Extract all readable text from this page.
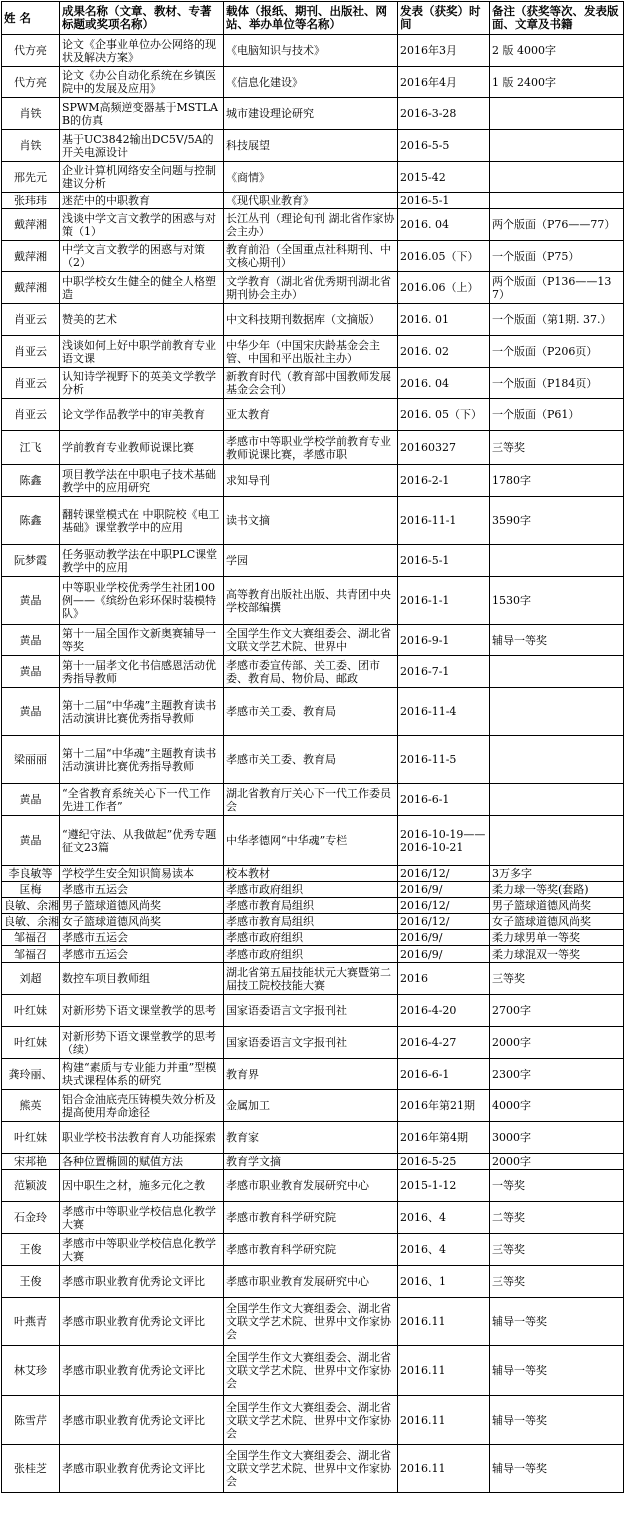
姓 名	成果名称（文章、教材、专著标题或奖项名称）	载体（报纸、期刊、出版社、网站、举办单位等名称）	发表（获奖）时间	备注（获奖等次、发表版面、文章及书籍
代方亮	论文《企事业单位办公网络的现状及解决方案》	《电脑知识与技术》	2016年3月	2 版 4000字
代方亮	论文《办公自动化系统在乡镇医院中的发展及应用》	《信息化建设》	2016年4月	1 版 2400字
肖铁	SPWM高频逆变器基于MSTLAB的仿真	城市建设理论研究	2016-3-28	
肖铁	基于UC3842输出DC5V/5A的开关电源设计	科技展望	2016-5-5	
邢先元	企业计算机网络安全问题与控制建议分析	《商情》	2015-42	
张玮玮	迷茫中的中职教育	《现代职业教育》	2016-5-1	
戴萍湘	浅谈中学文言文教学的困惑与对策（1）	长江丛刊（理论旬刊 湖北省作家协会主办）	2016. 04	两个版面（P76——77）
戴萍湘	中学文言文教学的困惑与对策（2）	教育前沿（全国重点社科期刊、中文核心期刊）	2016.05（下）	一个版面（P75）
戴萍湘	中职学校女生健全的健全人格塑造	文学教育（湖北省优秀期刊湖北省期刊协会主办）	2016.06（上）	两个版面（P136——137）
肖亚云	赞美的艺术	中文科技期刊数据库（文摘版）	2016. 01	一个版面（第1期. 37.）
肖亚云	浅谈如何上好中职学前教育专业语文课	中华少年（中国宋庆龄基金会主管、中国和平出版社主办）	2016. 02	一个版面（P206页）
肖亚云	认知诗学视野下的英美文学教学分析	新教育时代（教育部中国教师发展基金会会刊）	2016. 04	一个版面（P184页）
肖亚云	论文学作品教学中的审美教育	亚太教育	2016. 05（下）	一个版面（P61）
江飞	学前教育专业教师说课比赛	孝感市中等职业学校学前教育专业教师说课比赛，孝感市职	20160327	三等奖
陈鑫	项目教学法在中职电子技术基础教学中的应用研究	求知导刊	2016-2-1	1780字
陈鑫	翻转课堂模式在 中职院校《电工基础》课堂教学中的应用	读书文摘	2016-11-1	3590字
阮梦霞	任务驱动教学法在中职PLC课堂教学中的应用	学园	2016-5-1	
黄晶	中等职业学校优秀学生社团100例——《缤纷色彩环保时装模特队》	高等教育出版社出版、共青团中央学校部编撰	2016-1-1	1530字
黄晶	第十一届全国作文新奥赛辅导一等奖	全国学生作文大赛组委会、湖北省文联文学艺术院、世界中	2016-9-1	辅导一等奖
黄晶	第十一届孝文化书信感恩活动优秀指导教师	孝感市委宣传部、关工委、团市委、教育局、物价局、邮政	2016-7-1	
黄晶	第十二届“中华魂”主题教育读书活动演讲比赛优秀指导教师	孝感市关工委、教育局	2016-11-4	
梁丽丽	第十二届“中华魂”主题教育读书活动演讲比赛优秀指导教师	孝感市关工委、教育局	2016-11-5	
黄晶	“全省教育系统关心下一代工作先进工作者”	湖北省教育厅关心下一代工作委员会	2016-6-1	
黄晶	“遵纪守法、从我做起”优秀专题征文23篇	中华孝德网“中华魂”专栏	2016-10-19——2016-10-21	
李良敏等	学校学生安全知识简易读本	校本教材	2016/12/	3万多字
匡梅	孝感市五运会	孝感市政府组织	2016/9/	柔力球一等奖(套路)
良敏、余湘	男子篮球道德风尚奖	孝感市教育局组织	2016/12/	男子篮球道德风尚奖
良敏、余湘	女子篮球道德风尚奖	孝感市教育局组织	2016/12/	女子篮球道德风尚奖
邹福召	孝感市五运会	孝感市政府组织	2016/9/	柔力球男单一等奖
邹福召	孝感市五运会	孝感市政府组织	2016/9/	柔力球混双一等奖
刘超	数控车项目教师组	湖北省第五届技能状元大赛暨第二届技工院校技能大赛	2016	三等奖
叶红妹	对新形势下语文课堂教学的思考	国家语委语言文字报刊社	2016-4-20	2700字
叶红妹	对新形势下语文课堂教学的思考（续）	国家语委语言文字报刊社	2016-4-27	2000字
龚玲丽、	构建“素质与专业能力并重”型模块式课程体系的研究	教育界	2016-6-1	2300字
熊英	铝合金油底壳压铸模失效分析及提高使用寿命途径	金属加工	2016年第21期	4000字
叶红妹	职业学校书法教育育人功能探索	教育家	2016年第4期	3000字
宋邦艳	各种位置椭圆的赋值方法	教育学文摘	2016-5-25	2000字
范颖波	因中职生之材，施多元化之教	孝感市职业教育发展研究中心	2015-1-12	一等奖
石金玲	孝感市中等职业学校信息化教学大赛	孝感市教育科学研究院	2016、4	二等奖
王俊	孝感市中等职业学校信息化教学大赛	孝感市教育科学研究院	2016、4	三等奖
王俊	孝感市职业教育优秀论文评比	孝感市职业教育发展研究中心	2016、1	三等奖
叶燕青	孝感市职业教育优秀论文评比	全国学生作文大赛组委会、湖北省文联文学艺术院、世界中文作家协会	2016.11	辅导一等奖
林艾珍	孝感市职业教育优秀论文评比	全国学生作文大赛组委会、湖北省文联文学艺术院、世界中文作家协会	2016.11	辅导一等奖
陈雪芹	孝感市职业教育优秀论文评比	全国学生作文大赛组委会、湖北省文联文学艺术院、世界中文作家协会	2016.11	辅导一等奖
张桂芝	孝感市职业教育优秀论文评比	全国学生作文大赛组委会、湖北省文联文学艺术院、世界中文作家协会	2016.11	辅导一等奖
